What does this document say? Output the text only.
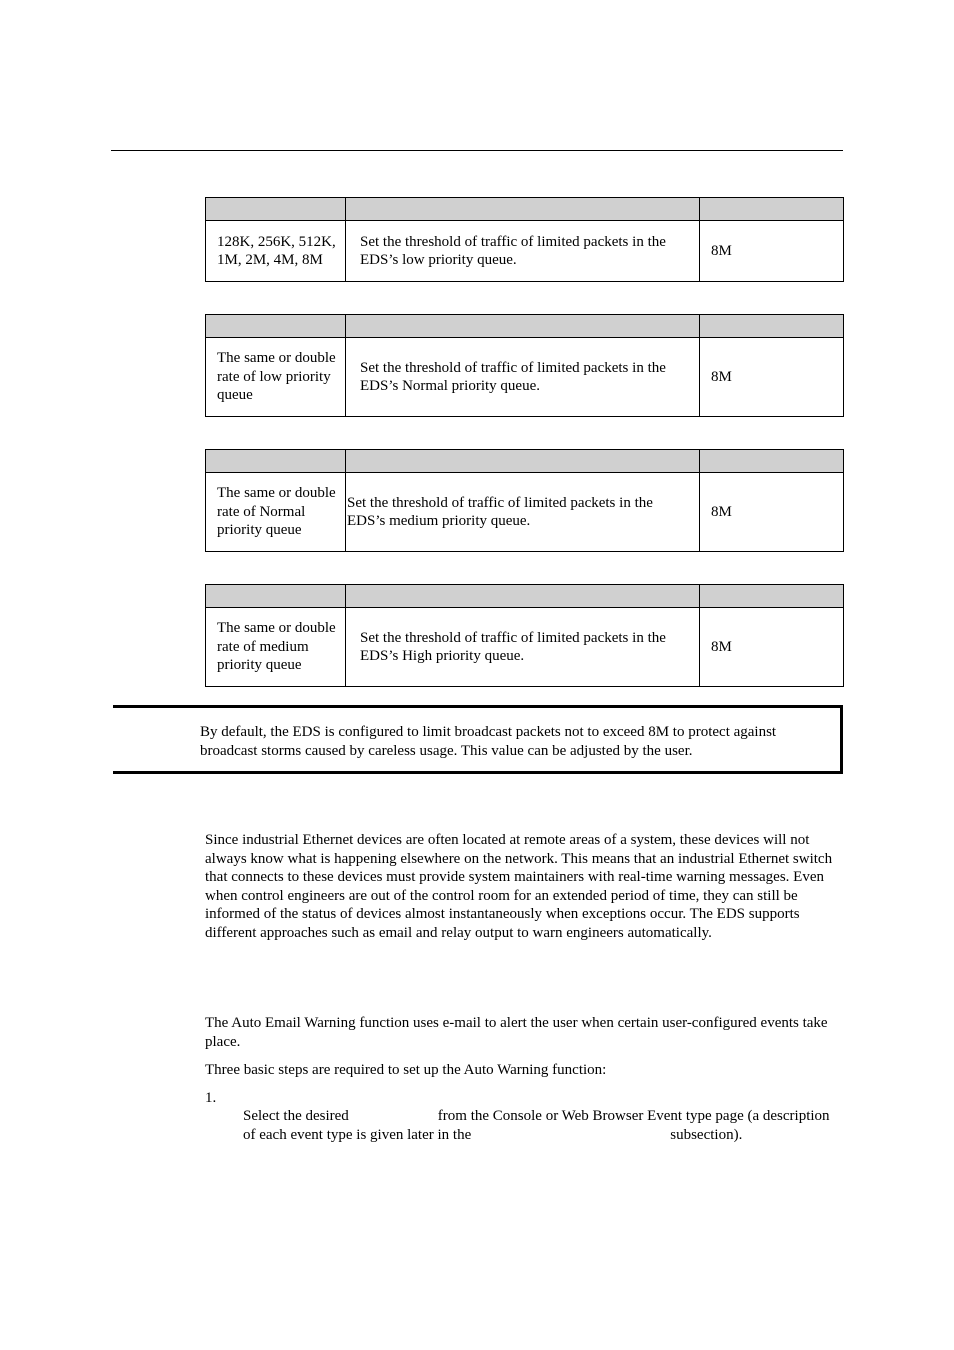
128K, 256K, 512K, 1M, 2M, 4M, 8M	Set the threshold of traffic of limited packets in the EDS’s low priority queue.	8M

The same or double rate of low priority queue	Set the threshold of traffic of limited packets in the EDS’s Normal priority queue.	8M

The same or double rate of Normal priority queue	Set the threshold of traffic of limited packets in the EDS’s medium priority queue.	8M

The same or double rate of medium priority queue	Set the threshold of traffic of limited packets in the EDS’s High priority queue.	8M
By default, the EDS is configured to limit broadcast packets not to exceed 8M to protect against broadcast storms caused by careless usage. This value can be adjusted by the user.

Since industrial Ethernet devices are often located at remote areas of a system, these devices will not always know what is happening elsewhere on the network. This means that an industrial Ethernet switch that connects to these devices must provide system maintainers with real-time warning messages. Even when control engineers are out of the control room for an extended period of time, they can still be informed of the status of devices almost instantaneously when exceptions occur. The EDS supports different approaches such as email and relay output to warn engineers automatically.

The Auto Email Warning function uses e-mail to alert the user when certain user-configured events take place.

Three basic steps are required to set up the Auto Warning function:

1.
Select the desired	from the Console or Web Browser Event type page (a description of each event type is given later in the	subsection).
